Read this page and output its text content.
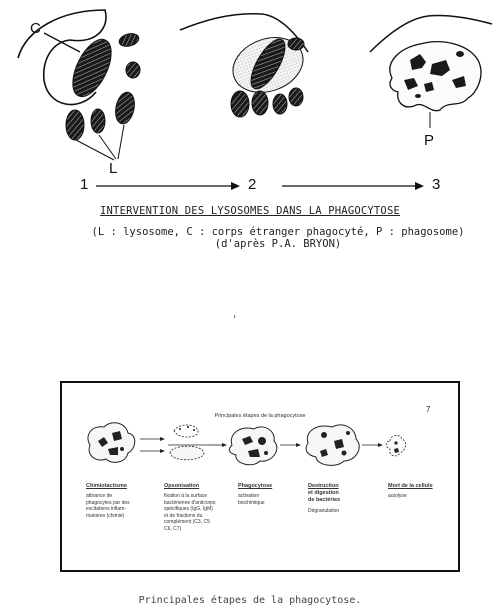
C
L
P
1	2	3
INTERVENTION DES LYSOSOMES DANS LA PHAGOCYTOSE
(L : lysosome, C : corps étranger phagocyté, P : phagosome)
(d'après P.A. BRYON)
,
Principales étapes de la phagocytose
7
Chimiotactisme
attirance de
phagocytes par des
excitations inflam-
matoires (chimie)
Opsonisation
fixation à la surface
bactérienne d'anticorps
spécifiques (IgG, IgM)
et de fractions du
complément (C3, C5
C6, C7)
Phagocytose
activation
biochimique
Destruction
et digestion
de bactéries
Dégranulation
Mort de la cellule
autolyse
Principales étapes de la phagocytose.
